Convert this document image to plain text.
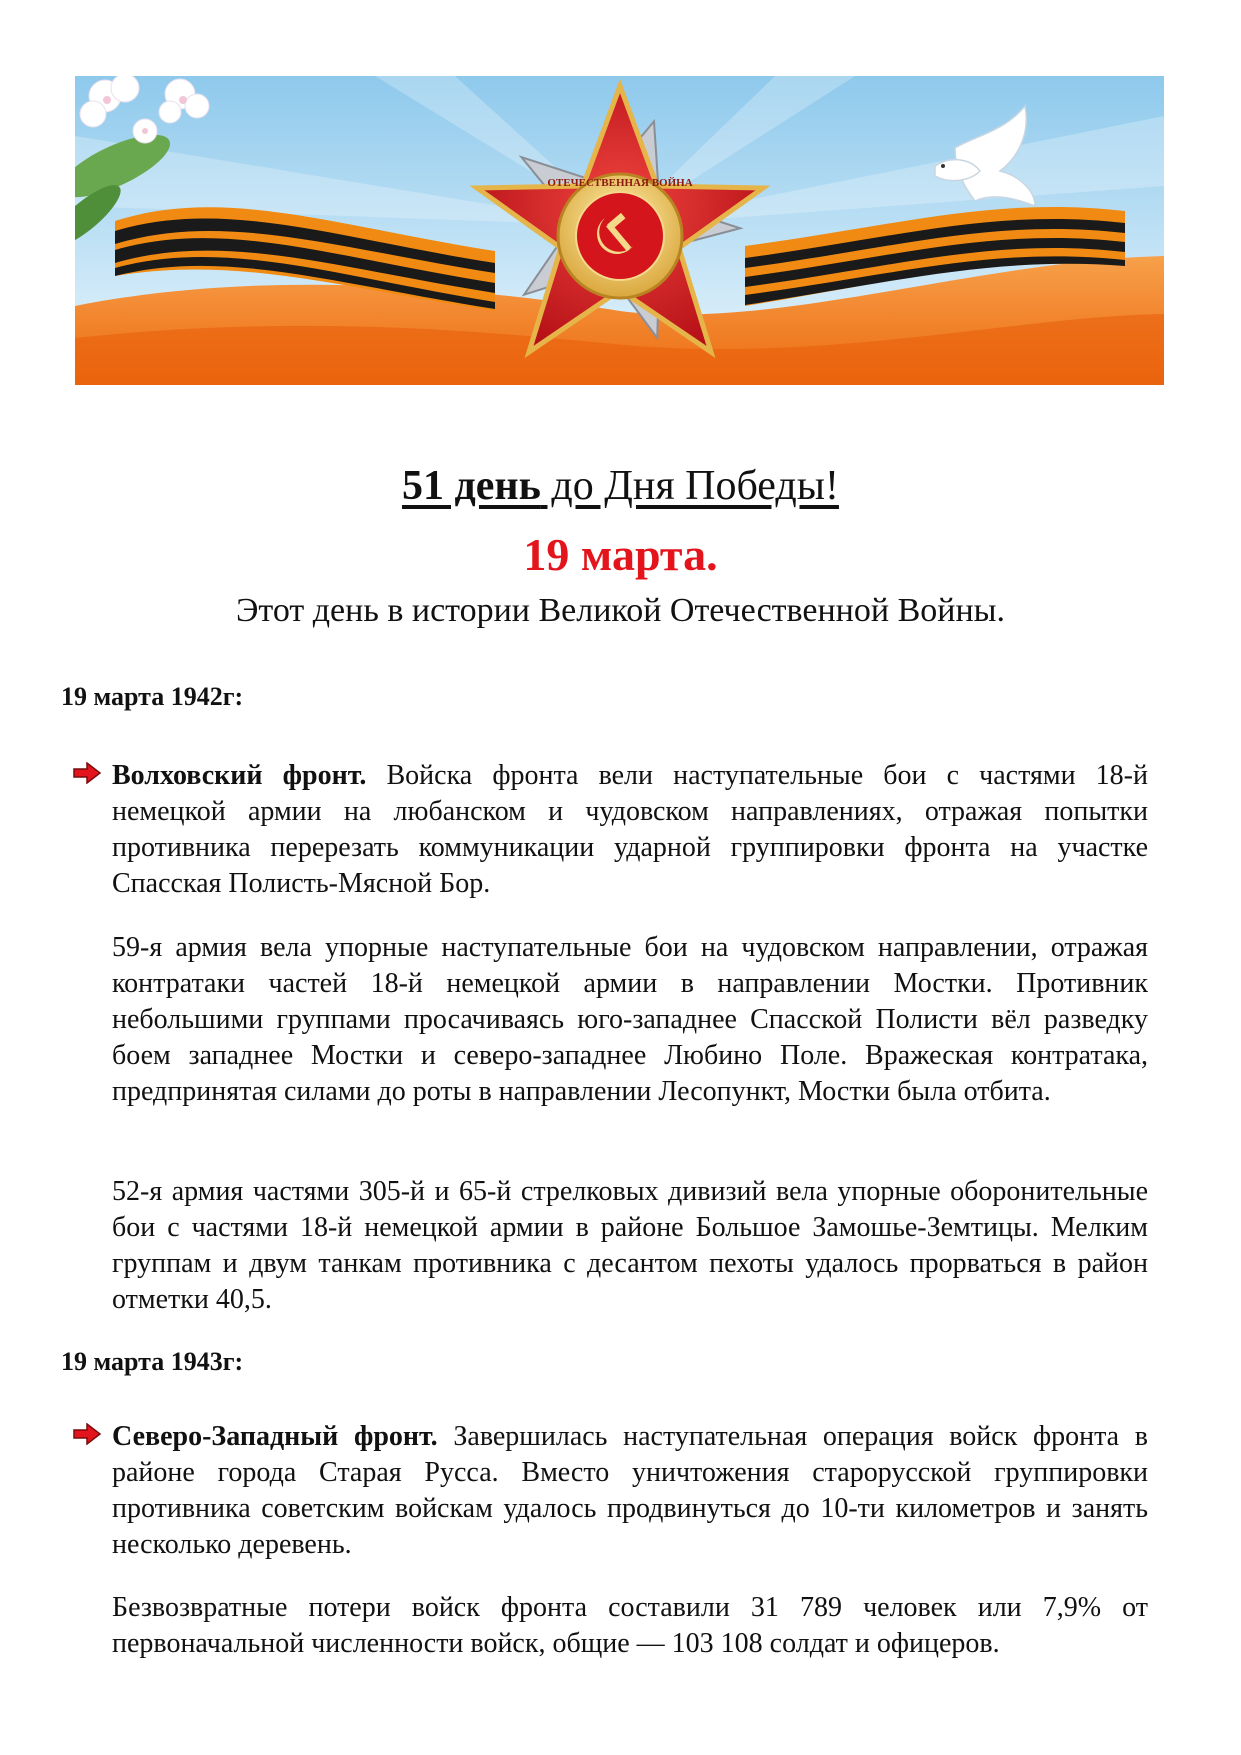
ОТЕЧЕСТВЕННАЯ ВОЙНА
51 день до Дня Победы!
19 марта.
Этот день в истории Великой Отечественной Войны.
19 марта 1942г:
Волховский фронт. Войска фронта вели наступательные бои с частями 18-й немецкой армии на любанском и чудовском направлениях, отражая попытки противника перерезать коммуникации ударной группировки фронта на участке Спасская Полисть-Мясной Бор.
59-я армия вела упорные наступательные бои на чудовском направлении, отражая контратаки частей 18-й немецкой армии в направлении Мостки. Противник небольшими группами просачиваясь юго-западнее Спасской Полисти вёл разведку боем западнее Мостки и северо-западнее Любино Поле. Вражеская контратака, предпринятая силами до роты в направлении Лесопункт, Мостки была отбита.
52-я армия частями 305-й и 65-й стрелковых дивизий вела упорные оборонительные бои с частями 18-й немецкой армии в районе Большое Замошье-Земтицы. Мелким группам и двум танкам противника с десантом пехоты удалось прорваться в район отметки 40,5.
19 марта 1943г:
Северо-Западный фронт. Завершилась наступательная операция войск фронта в районе города Старая Русса. Вместо уничтожения старорусской группировки противника советским войскам удалось продвинуться до 10-ти километров и занять несколько деревень.
Безвозвратные потери войск фронта составили 31 789 человек или 7,9% от первоначальной численности войск, общие — 103 108 солдат и офицеров.
